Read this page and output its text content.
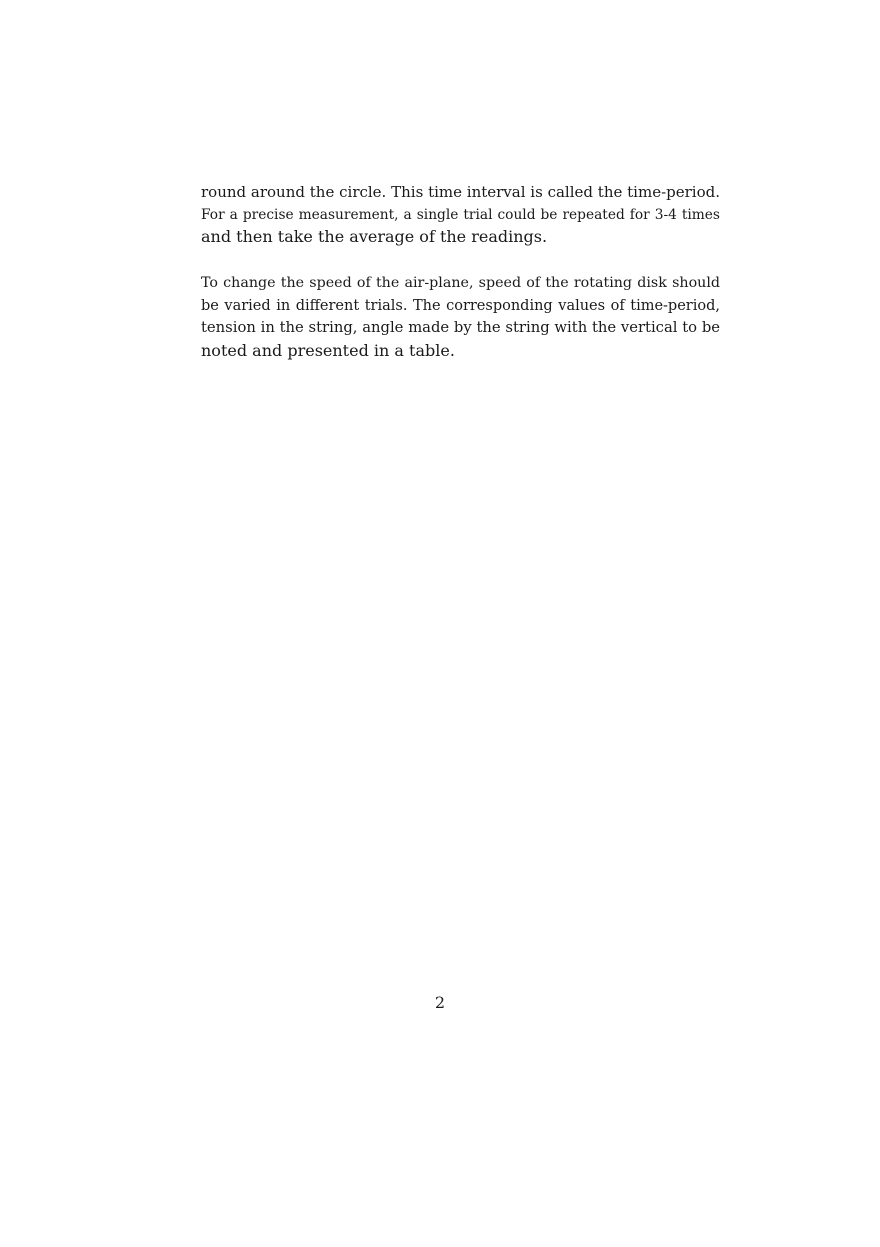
round around the circle. This time interval is called the time-period.
For a precise measurement, a single trial could be repeated for 3-4 times
and then take the average of the readings.
To change the speed of the air-plane, speed of the rotating disk should
be varied in different trials. The corresponding values of time-period,
tension in the string, angle made by the string with the vertical to be
noted and presented in a table.
2
